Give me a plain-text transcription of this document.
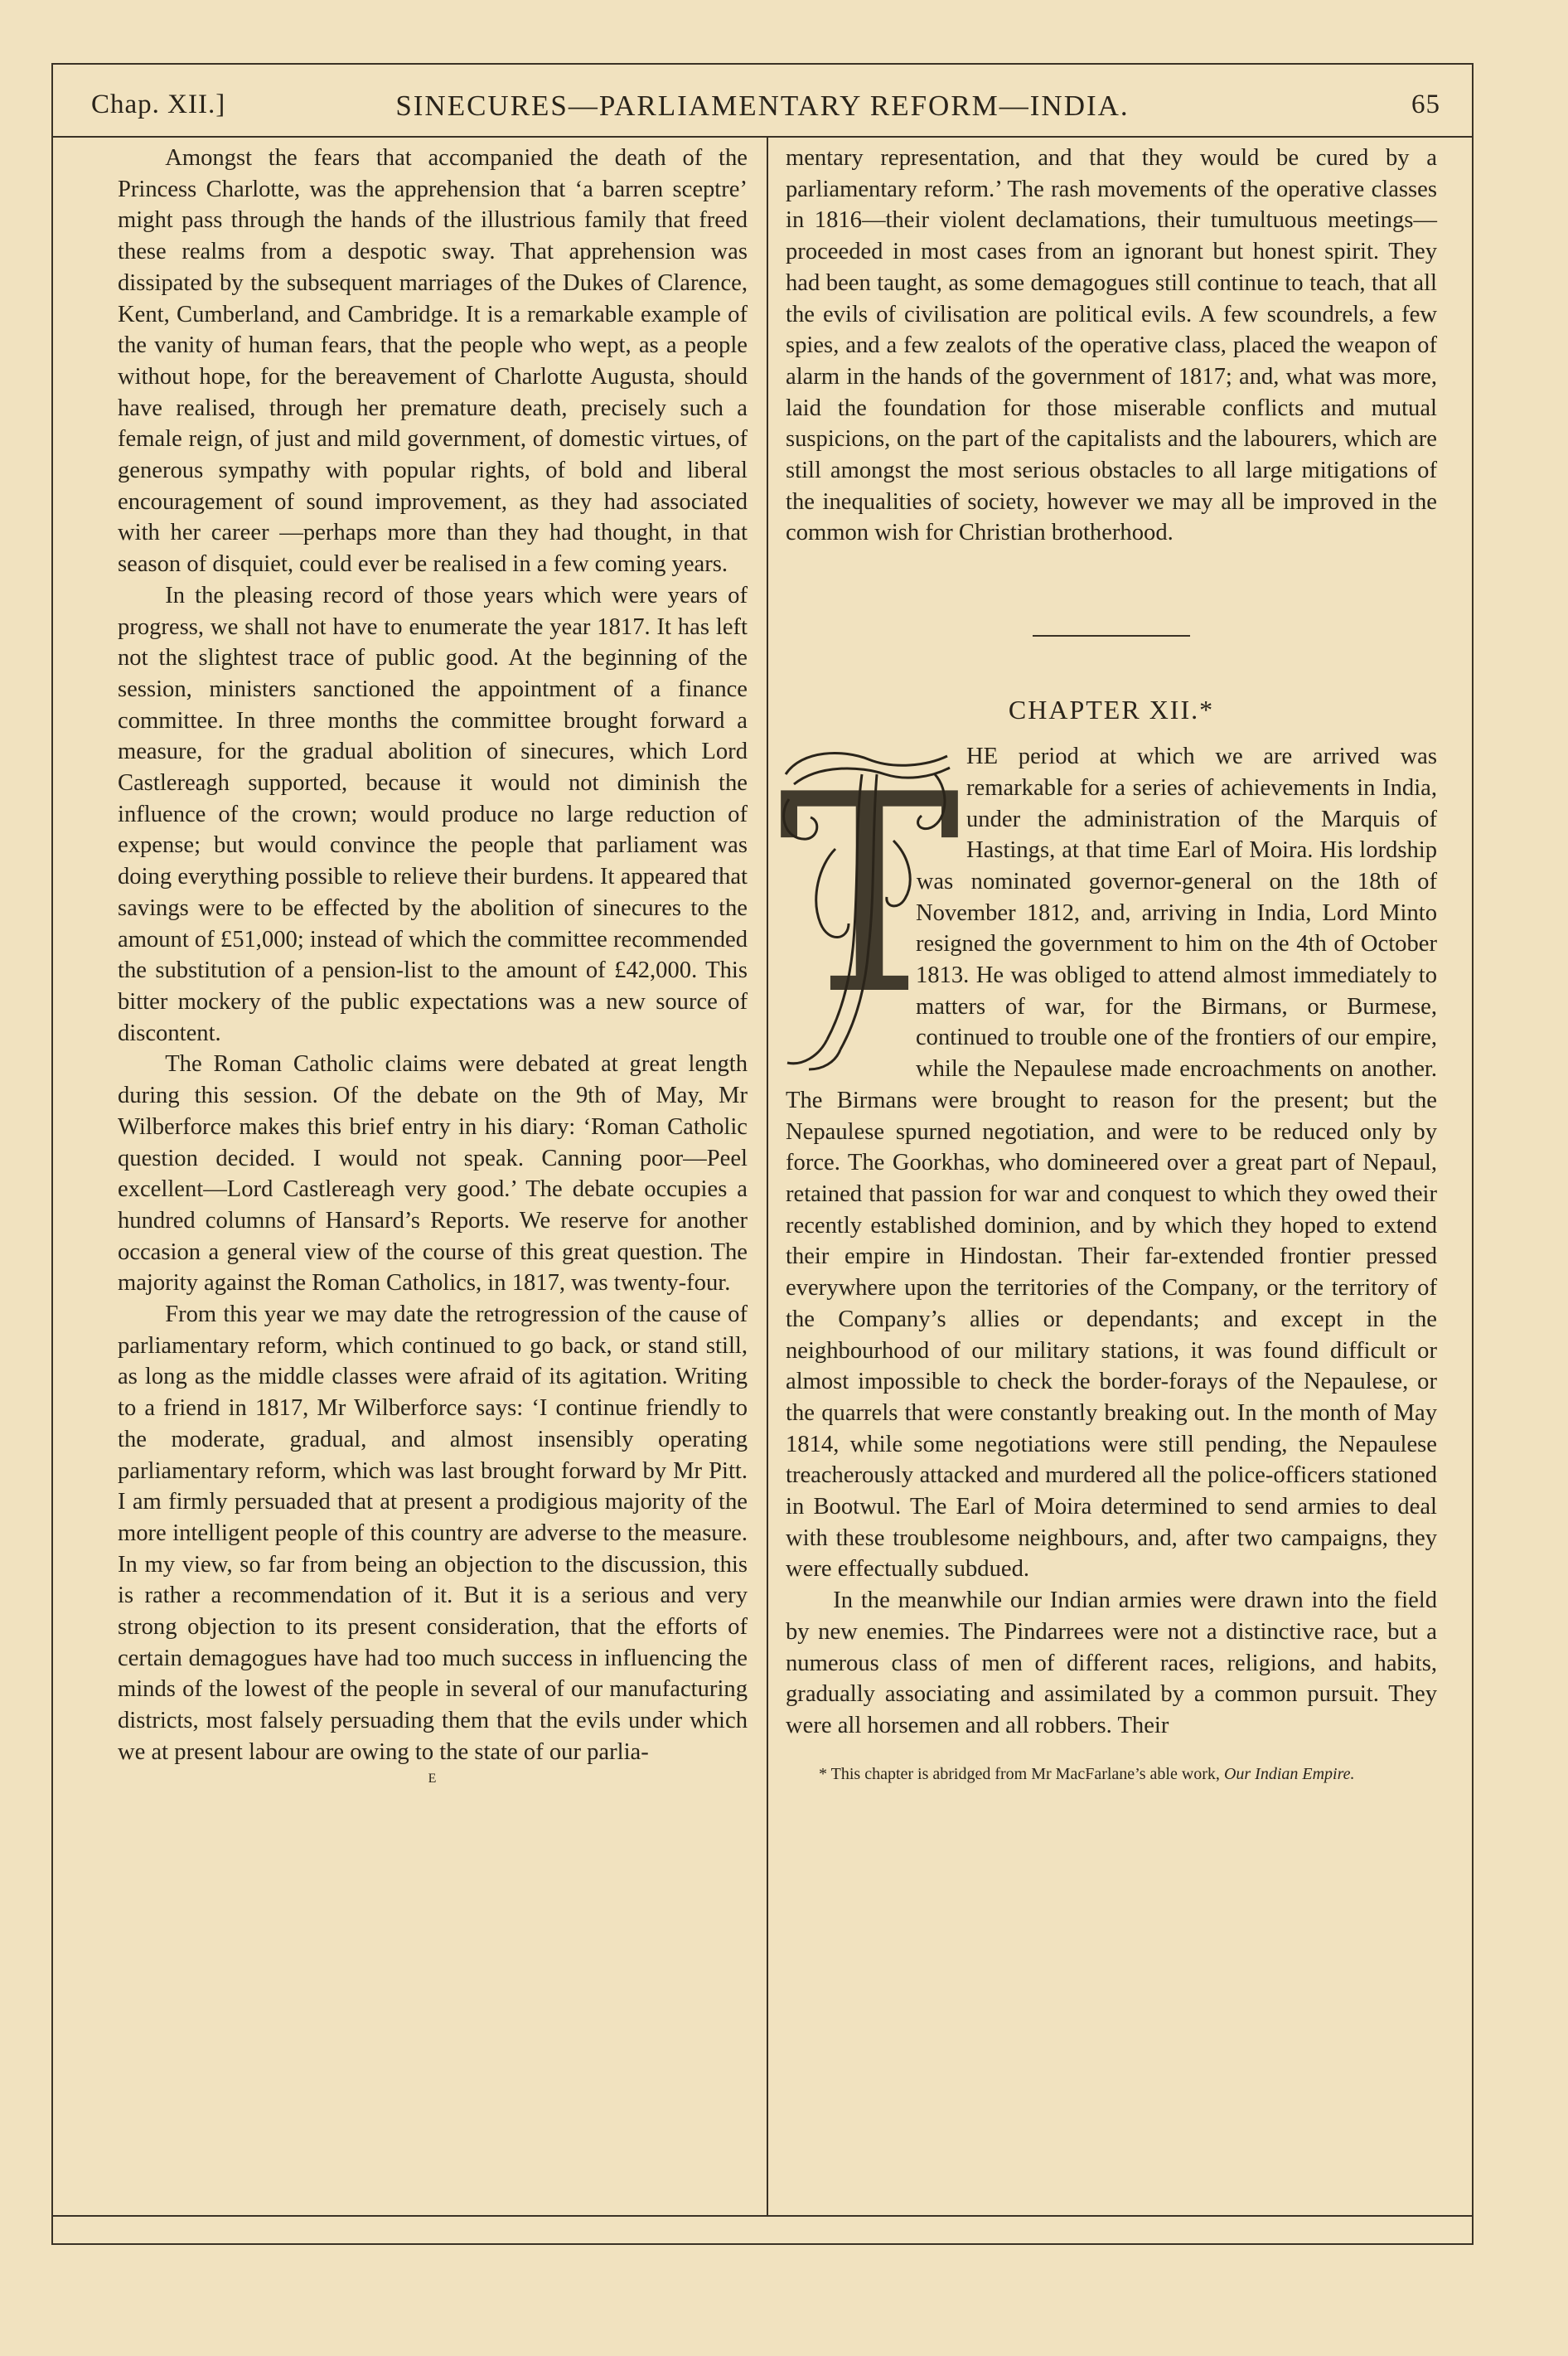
Chap. XII.]	SINECURES—PARLIAMENTARY REFORM—INDIA.	65

Amongst the fears that accompanied the death of the Princess Charlotte, was the apprehension that ‘a barren sceptre’ might pass through the hands of the illustrious family that freed these realms from a despotic sway. That apprehension was dissipated by the subsequent marriages of the Dukes of Clarence, Kent, Cumberland, and Cambridge. It is a remarkable example of the vanity of human fears, that the people who wept, as a people without hope, for the bereavement of Charlotte Augusta, should have realised, through her premature death, precisely such a female reign, of just and mild government, of domestic virtues, of generous sympathy with popular rights, of bold and liberal encouragement of sound improvement, as they had associated with her career —perhaps more than they had thought, in that season of disquiet, could ever be realised in a few coming years.

In the pleasing record of those years which were years of progress, we shall not have to enumerate the year 1817. It has left not the slightest trace of public good. At the beginning of the session, ministers sanctioned the appointment of a finance committee. In three months the committee brought forward a measure, for the gradual abolition of sinecures, which Lord Castlereagh supported, because it would not diminish the influence of the crown; would produce no large reduction of expense; but would convince the people that parliament was doing everything possible to relieve their burdens. It appeared that savings were to be effected by the abolition of sinecures to the amount of £51,000; instead of which the committee recommended the substitution of a pension-list to the amount of £42,000. This bitter mockery of the public expectations was a new source of discontent.

The Roman Catholic claims were debated at great length during this session. Of the debate on the 9th of May, Mr Wilberforce makes this brief entry in his diary: ‘Roman Catholic question decided. I would not speak. Canning poor—Peel excellent—Lord Castlereagh very good.’ The debate occupies a hundred columns of Hansard’s Reports. We reserve for another occasion a general view of the course of this great question. The majority against the Roman Catholics, in 1817, was twenty-four.

From this year we may date the retrogression of the cause of parliamentary reform, which continued to go back, or stand still, as long as the middle classes were afraid of its agitation. Writing to a friend in 1817, Mr Wilberforce says: ‘I continue friendly to the moderate, gradual, and almost insensibly operating parliamentary reform, which was last brought forward by Mr Pitt. I am firmly persuaded that at present a prodigious majority of the more intelligent people of this country are adverse to the measure. In my view, so far from being an objection to the discussion, this is rather a recommendation of it. But it is a serious and very strong objection to its present consideration, that the efforts of certain demagogues have had too much success in influencing the minds of the lowest of the people in several of our manufacturing districts, most falsely persuading them that the evils under which we at present labour are owing to the state of our parlia-

E

mentary representation, and that they would be cured by a parliamentary reform.’ The rash movements of the operative classes in 1816—their violent declamations, their tumultuous meetings—proceeded in most cases from an ignorant but honest spirit. They had been taught, as some demagogues still continue to teach, that all the evils of civilisation are political evils. A few scoundrels, a few spies, and a few zealots of the operative class, placed the weapon of alarm in the hands of the government of 1817; and, what was more, laid the foundation for those miserable conflicts and mutual suspicions, on the part of the capitalists and the labourers, which are still amongst the most serious obstacles to all large mitigations of the inequalities of society, however we may all be improved in the common wish for Christian brotherhood.

CHAPTER XII.*
T HE period at which we are arrived was remarkable for a series of achievements in India, under the administration of the Marquis of Hastings, at that time Earl of Moira. His lordship was nominated governor-general on the 18th of November 1812, and, arriving in India, Lord Minto resigned the government to him on the 4th of October 1813. He was obliged to attend almost immediately to matters of war, for the Birmans, or Burmese, continued to trouble one of the frontiers of our empire, while the Nepaulese made encroachments on another. The Birmans were brought to reason for the present; but the Nepaulese spurned negotiation, and were to be reduced only by force. The Goorkhas, who domineered over a great part of Nepaul, retained that passion for war and conquest to which they owed their recently established dominion, and by which they hoped to extend their empire in Hindostan. Their far-extended frontier pressed everywhere upon the territories of the Company, or the territory of the Company’s allies or dependants; and except in the neighbourhood of our military stations, it was found difficult or almost impossible to check the border-forays of the Nepaulese, or the quarrels that were constantly breaking out. In the month of May 1814, while some negotiations were still pending, the Nepaulese treacherously attacked and murdered all the police-officers stationed in Bootwul. The Earl of Moira determined to send armies to deal with these troublesome neighbours, and, after two campaigns, they were effectually subdued.

In the meanwhile our Indian armies were drawn into the field by new enemies. The Pindarrees were not a distinctive race, but a numerous class of men of different races, religions, and habits, gradually associating and assimilated by a common pursuit. They were all horsemen and all robbers. Their

* This chapter is abridged from Mr MacFarlane’s able work, Our Indian Empire.
